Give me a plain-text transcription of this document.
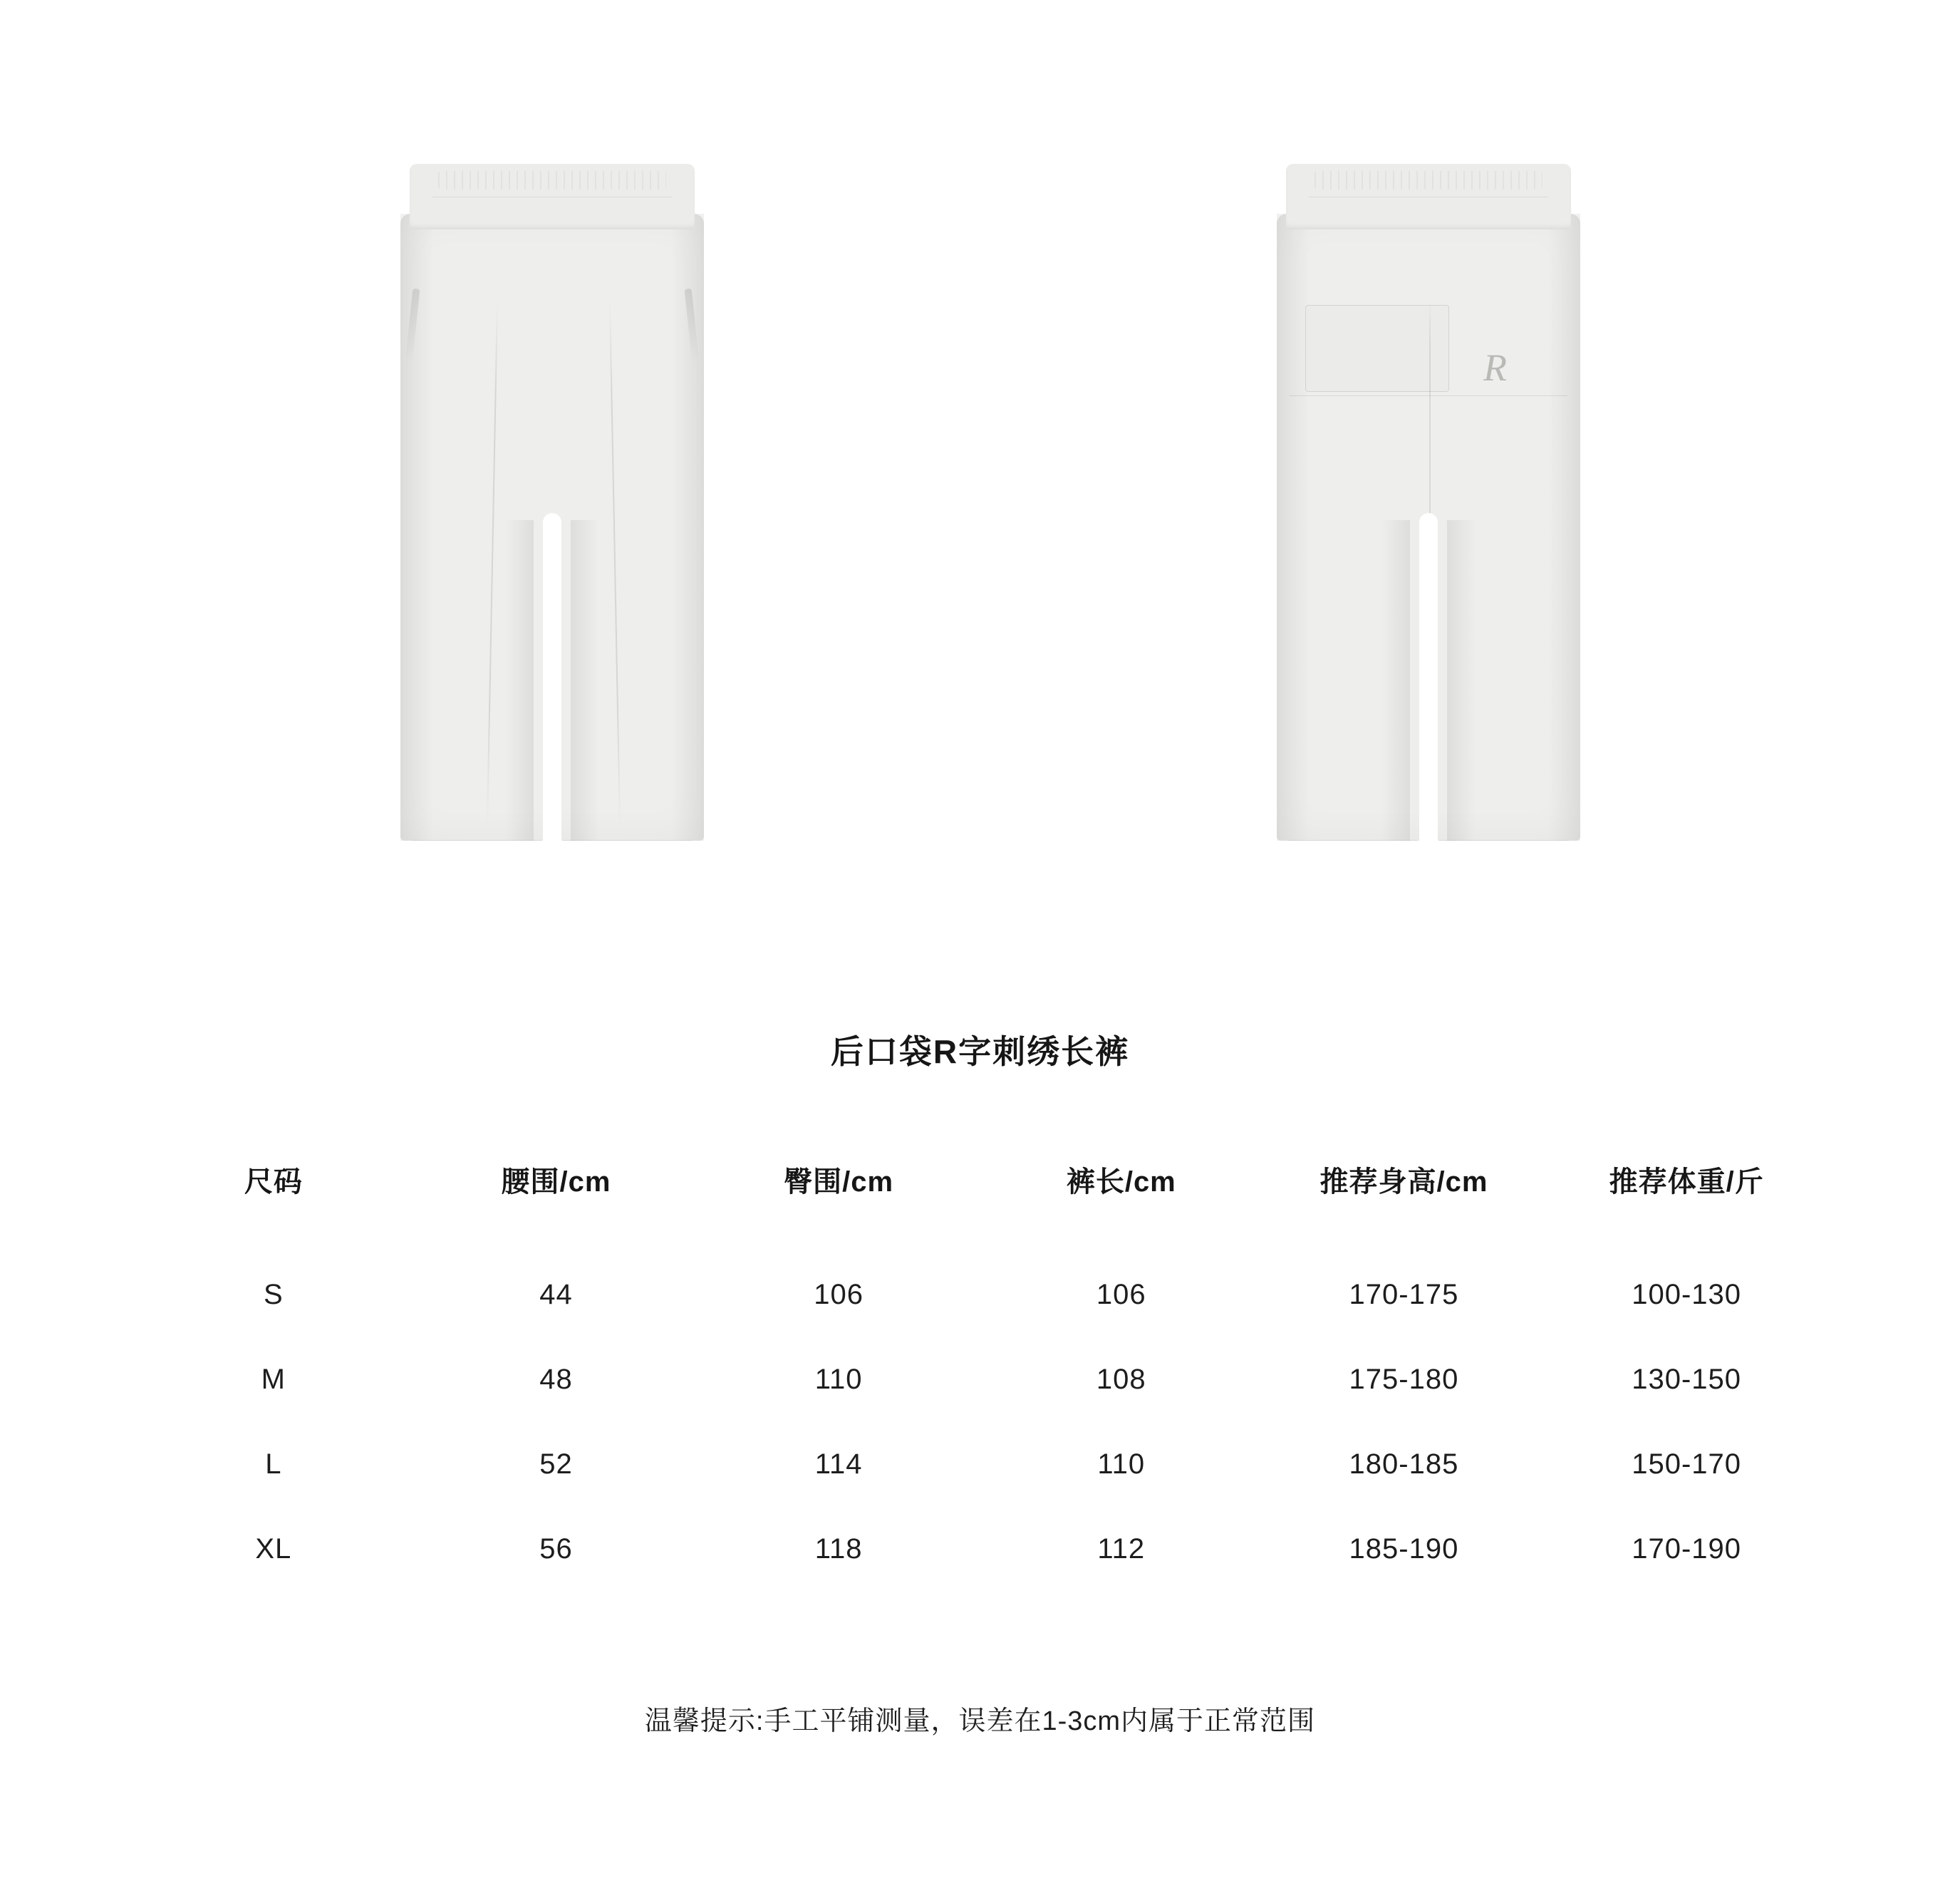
R
后口袋R字刺绣长裤
尺码	腰围/cm	臀围/cm	裤长/cm	推荐身高/cm	推荐体重/斤
S	44	106	106	170-175	100-130
M	48	110	108	175-180	130-150
L	52	114	110	180-185	150-170
XL	56	118	112	185-190	170-190
温馨提示:手工平铺测量，误差在1-3cm内属于正常范围
